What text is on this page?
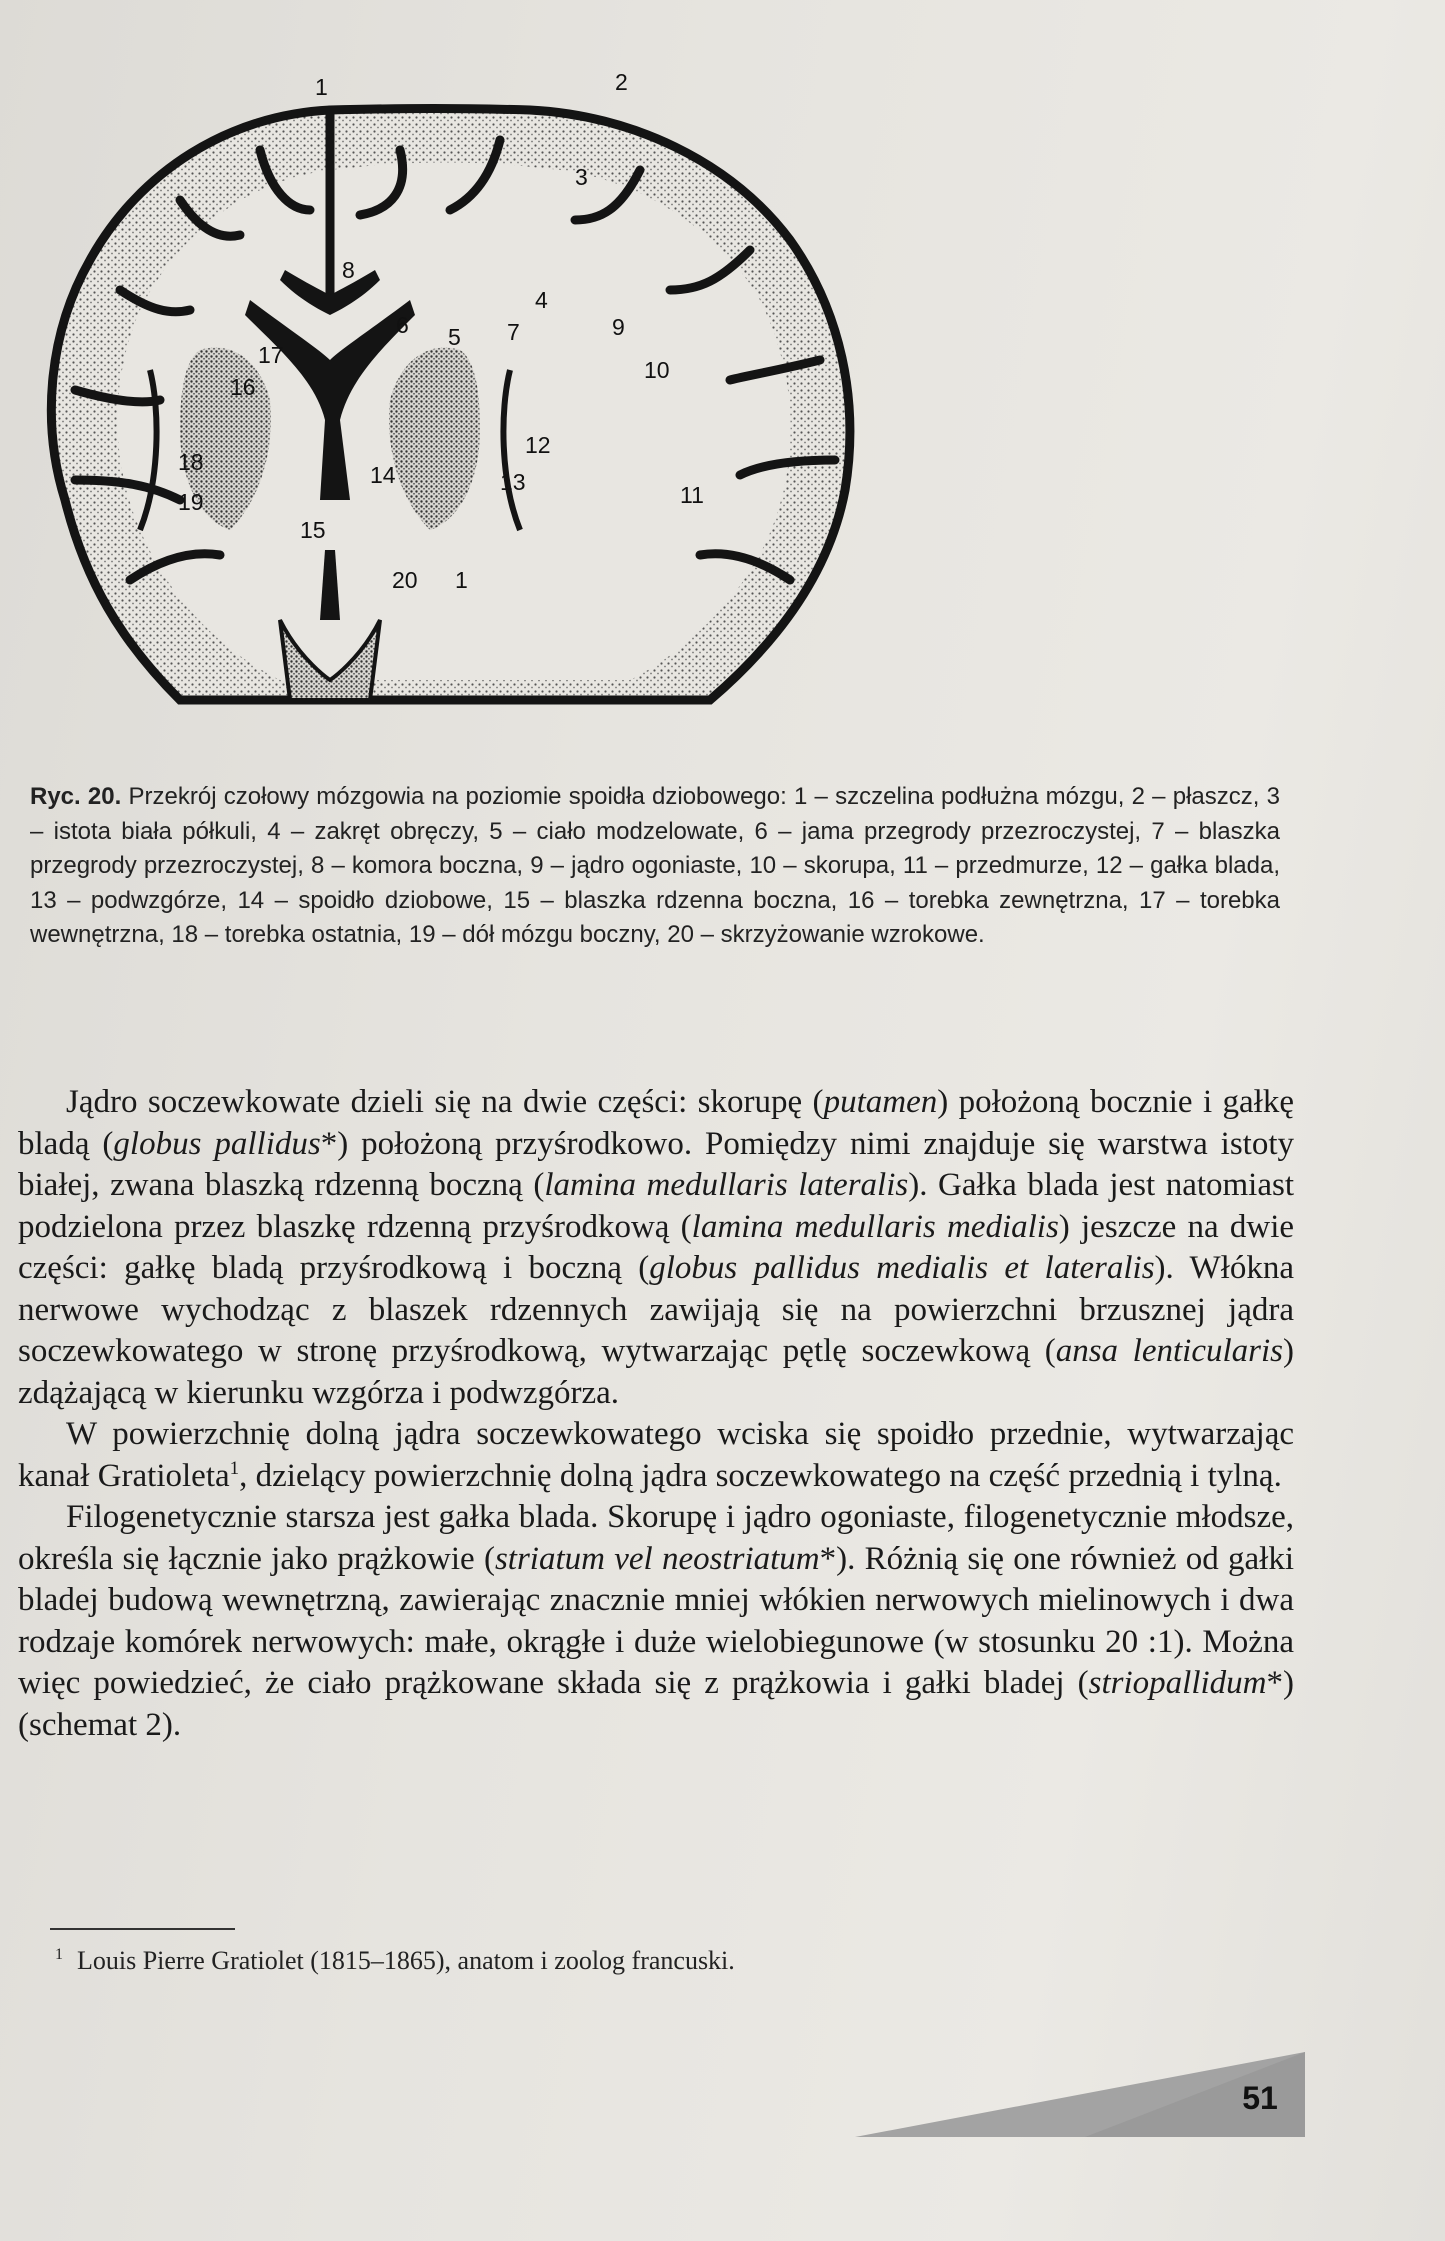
1	2
3
4
5
6	7
8
9
10
11
12
13
14
15
16
17
18
19
20 1
Ryc. 20. Przekrój czołowy mózgowia na poziomie spoidła dziobowego: 1 – szczelina podłużna mózgu, 2 – płaszcz, 3 – istota biała półkuli, 4 – zakręt obręczy, 5 – ciało modzelowate, 6 – jama przegrody przezroczystej, 7 – blaszka przegrody przezroczystej, 8 – komora boczna, 9 – jądro ogoniaste, 10 – skorupa, 11 – przedmurze, 12 – gałka blada, 13 – podwzgórze, 14 – spoidło dziobowe, 15 – blaszka rdzenna boczna, 16 – torebka zewnętrzna, 17 – torebka wewnętrzna, 18 – torebka ostatnia, 19 – dół mózgu boczny, 20 – skrzyżowanie wzrokowe.

Jądro soczewkowate dzieli się na dwie części: skorupę (putamen) położoną bocznie i gałkę bladą (globus pallidus*) położoną przyśrodkowo. Pomiędzy nimi znajduje się warstwa istoty białej, zwana blaszką rdzenną boczną (lamina medullaris lateralis). Gałka blada jest natomiast podzielona przez blaszkę rdzenną przyśrodkową (lamina medullaris medialis) jeszcze na dwie części: gałkę bladą przyśrodkową i boczną (globus pallidus medialis et lateralis). Włókna nerwowe wychodząc z blaszek rdzennych zawijają się na powierzchni brzusznej jądra soczewkowatego w stronę przyśrodkową, wytwarzając pętlę soczewkową (ansa lenticularis) zdążającą w kierunku wzgórza i podwzgórza.

W powierzchnię dolną jądra soczewkowatego wciska się spoidło przednie, wytwarzając kanał Gratioleta$^1$, dzielący powierzchnię dolną jądra soczewkowatego na część przednią i tylną.

Filogenetycznie starsza jest gałka blada. Skorupę i jądro ogoniaste, filogenetycznie młodsze, określa się łącznie jako prążkowie (striatum vel neostriatum*). Różnią się one również od gałki bladej budową wewnętrzną, zawierając znacznie mniej włókien nerwowych mielinowych i dwa rodzaje komórek nerwowych: małe, okrągłe i duże wielobiegunowe (w stosunku 20 :1). Można więc powiedzieć, że ciało prążkowane składa się z prążkowia i gałki bladej (striopallidum*) (schemat 2).

$^1$ Louis Pierre Gratiolet (1815–1865), anatom i zoolog francuski.
51
